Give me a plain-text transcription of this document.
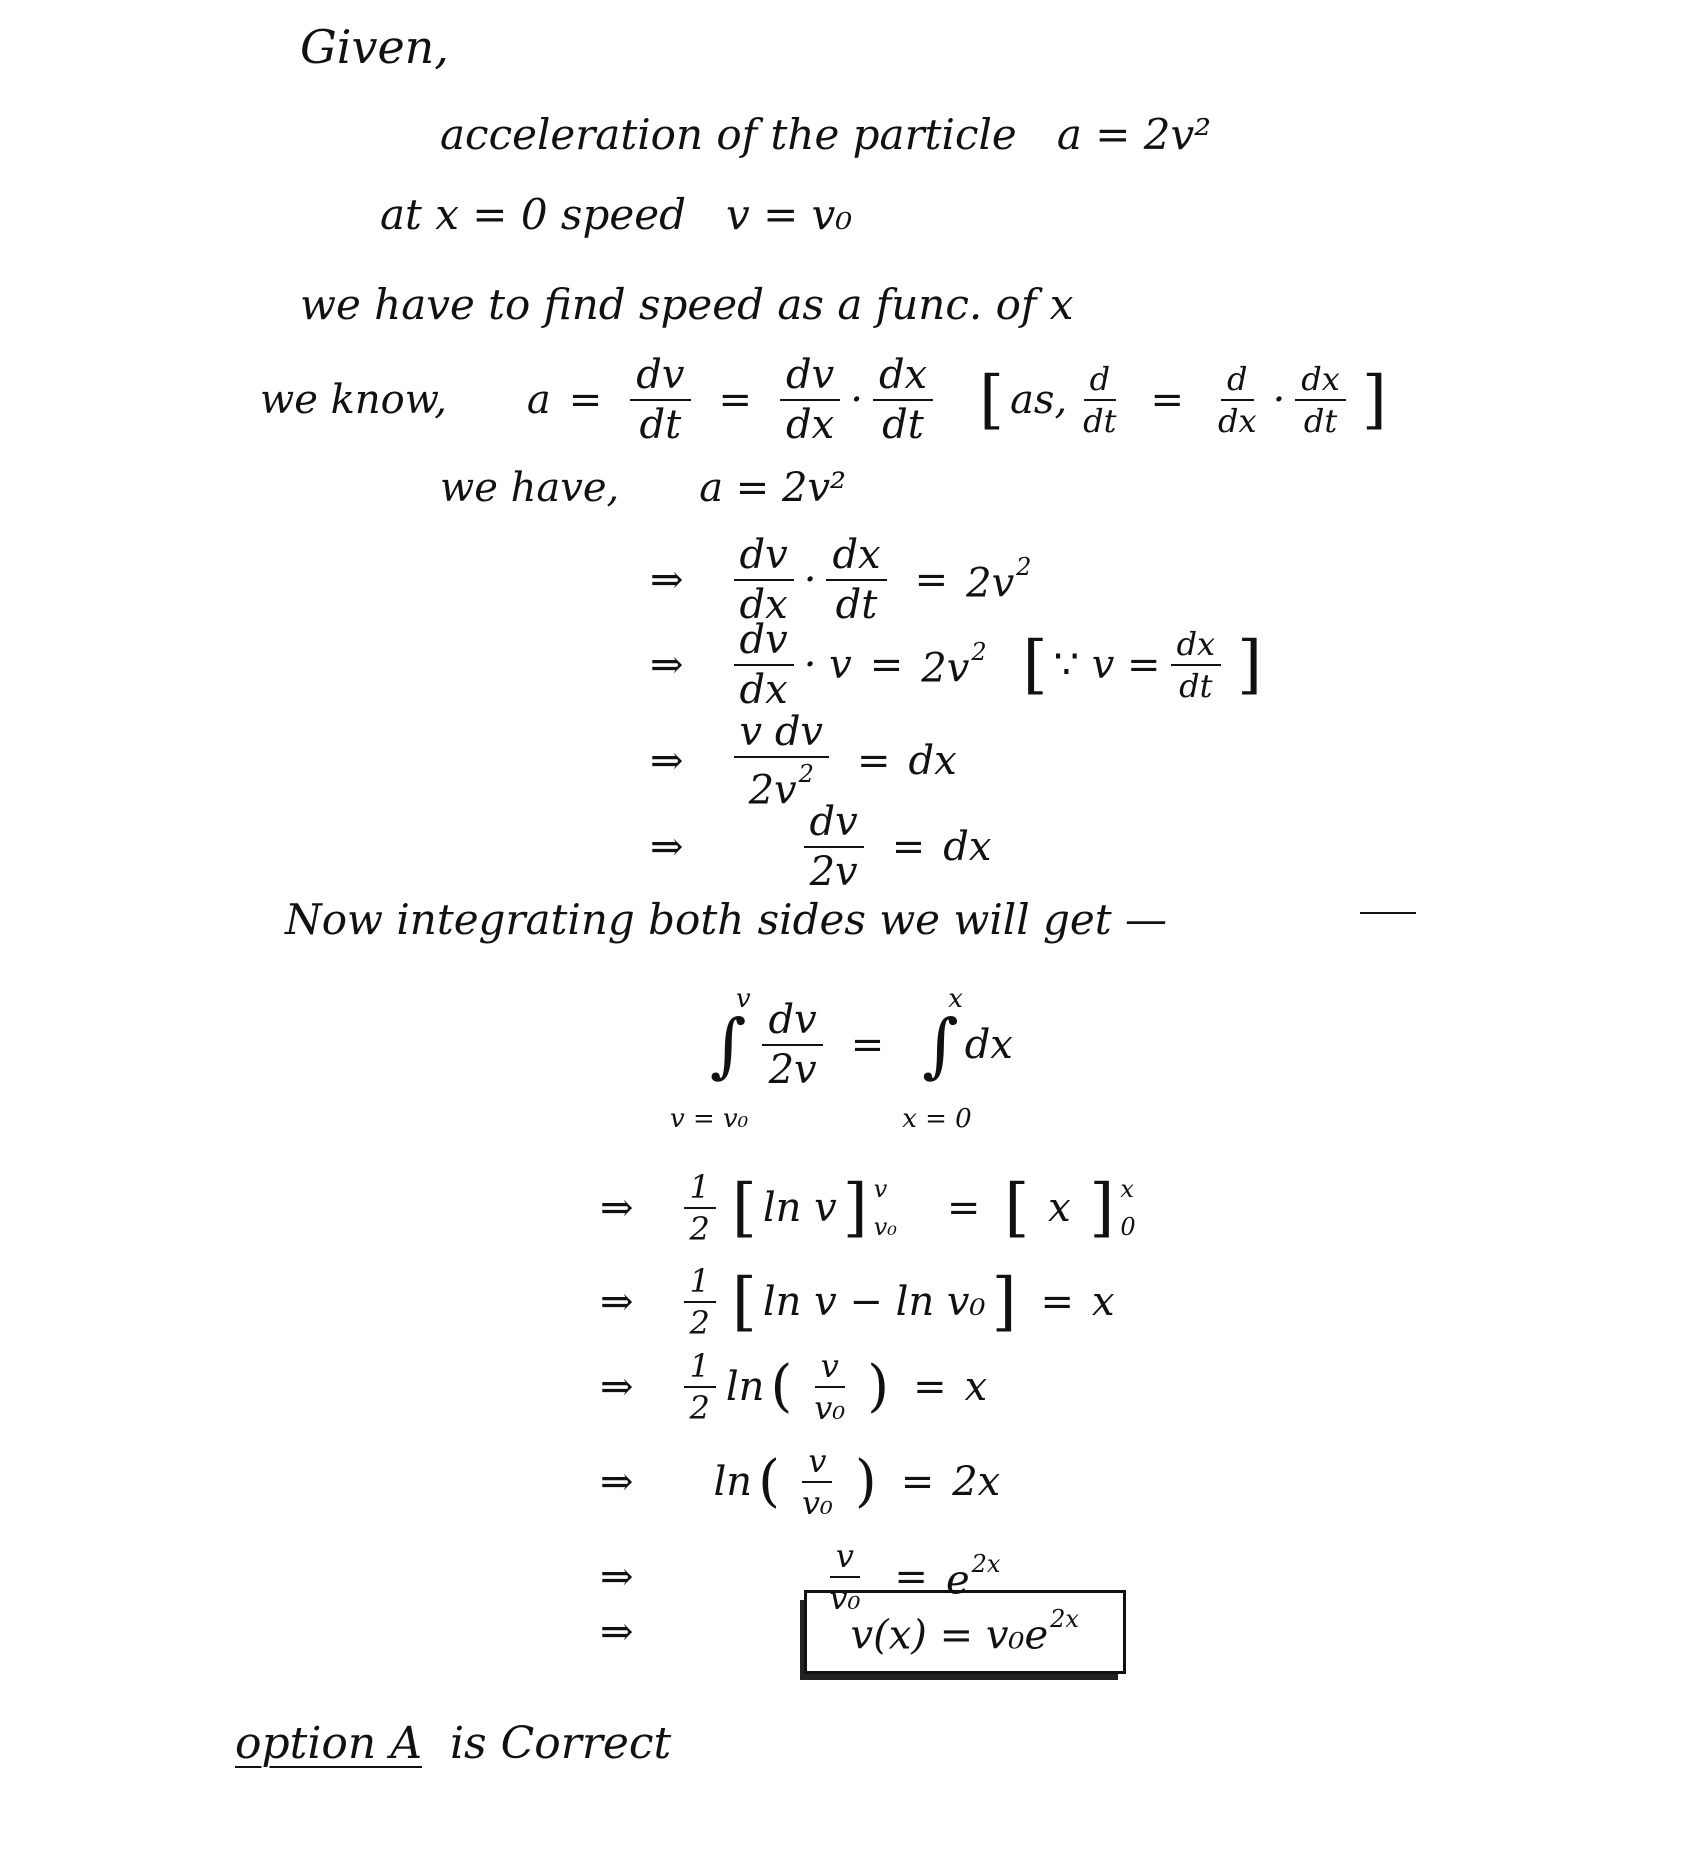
Given,
acceleration of the particle a = 2v²
at x = 0 speed v = v₀
we have to find speed as a func. of x
we know, $a = \frac{dv}{dt} = \frac{dv}{dx} \cdot \frac{dx}{dt}$ [ as, $\frac{d}{dt} = \frac{d}{dx} \cdot \frac{dx}{dt}$ ]
we have, a = 2v²
⇒ $\frac{dv}{dx} \cdot \frac{dx}{dt} = 2v^2$
⇒ $\frac{dv}{dx} \cdot v = 2v^2$ [ ∵
$v = \frac{dx}{dt}$ ]
⇒ $\frac{\text{v dv}}{2v^2}$ = dx
⇒	$\frac{dv}{2v}$ = dx
Now integrating both sides we will get —
∫
v
v = v₀
$\frac{dv}{2v}$ = ∫
x
x = 0
dx
⇒ $\frac{1}{2}$ [ ln v ] v
v₀ = [ x ] x
0
⇒ $\frac{1}{2}$ [ ln v − ln v₀ ] = x
⇒ $\frac{1}{2}$ ln ( $\frac{v}{\text{v₀}}$ ) = x
⇒ ln ( $\frac{v}{\text{v₀}}$ ) = 2x
⇒	$\frac{v}{\text{v₀}} = e^{2x}$
⇒	$v(x) = v_0e^{2x}$
option A is Correct
